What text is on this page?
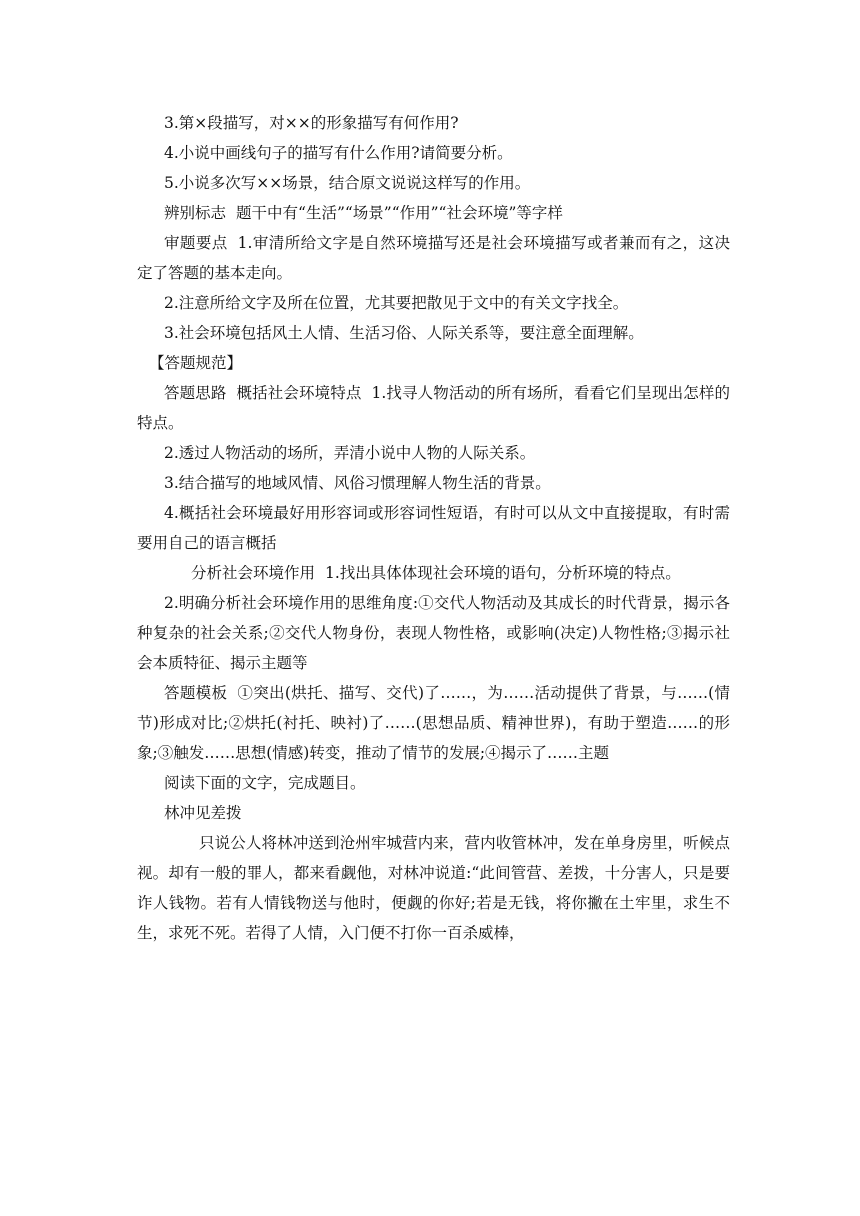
3.第×段描写，对××的形象描写有何作用?

4.小说中画线句子的描写有什么作用?请简要分析。

5.小说多次写××场景，结合原文说说这样写的作用。

辨别标志 题干中有“生活”“场景”“作用”“社会环境”等字样

审题要点 1.审清所给文字是自然环境描写还是社会环境描写或者兼而有之，这决定了答题的基本走向。

2.注意所给文字及所在位置，尤其要把散见于文中的有关文字找全。

3.社会环境包括风土人情、生活习俗、人际关系等，要注意全面理解。

【答题规范】

答题思路 概括社会环境特点 1.找寻人物活动的所有场所，看看它们呈现出怎样的特点。

2.透过人物活动的场所，弄清小说中人物的人际关系。

3.结合描写的地域风情、风俗习惯理解人物生活的背景。

4.概括社会环境最好用形容词或形容词性短语，有时可以从文中直接提取，有时需要用自己的语言概括

分析社会环境作用 1.找出具体体现社会环境的语句，分析环境的特点。

2.明确分析社会环境作用的思维角度:①交代人物活动及其成长的时代背景，揭示各种复杂的社会关系;②交代人物身份，表现人物性格，或影响(决定)人物性格;③揭示社会本质特征、揭示主题等

答题模板 ①突出(烘托、描写、交代)了……，为……活动提供了背景，与……(情节)形成对比;②烘托(衬托、映衬)了……(思想品质、精神世界)，有助于塑造……的形象;③触发……思想(情感)转变，推动了情节的发展;④揭示了……主题

阅读下面的文字，完成题目。

林冲见差拨

只说公人将林冲送到沧州牢城营内来，营内收管林冲，发在单身房里，听候点视。却有一般的罪人，都来看觑他，对林冲说道:“此间管营、差拨，十分害人，只是要诈人钱物。若有人情钱物送与他时，便觑的你好;若是无钱，将你撇在土牢里，求生不生，求死不死。若得了人情，入门便不打你一百杀威棒，
